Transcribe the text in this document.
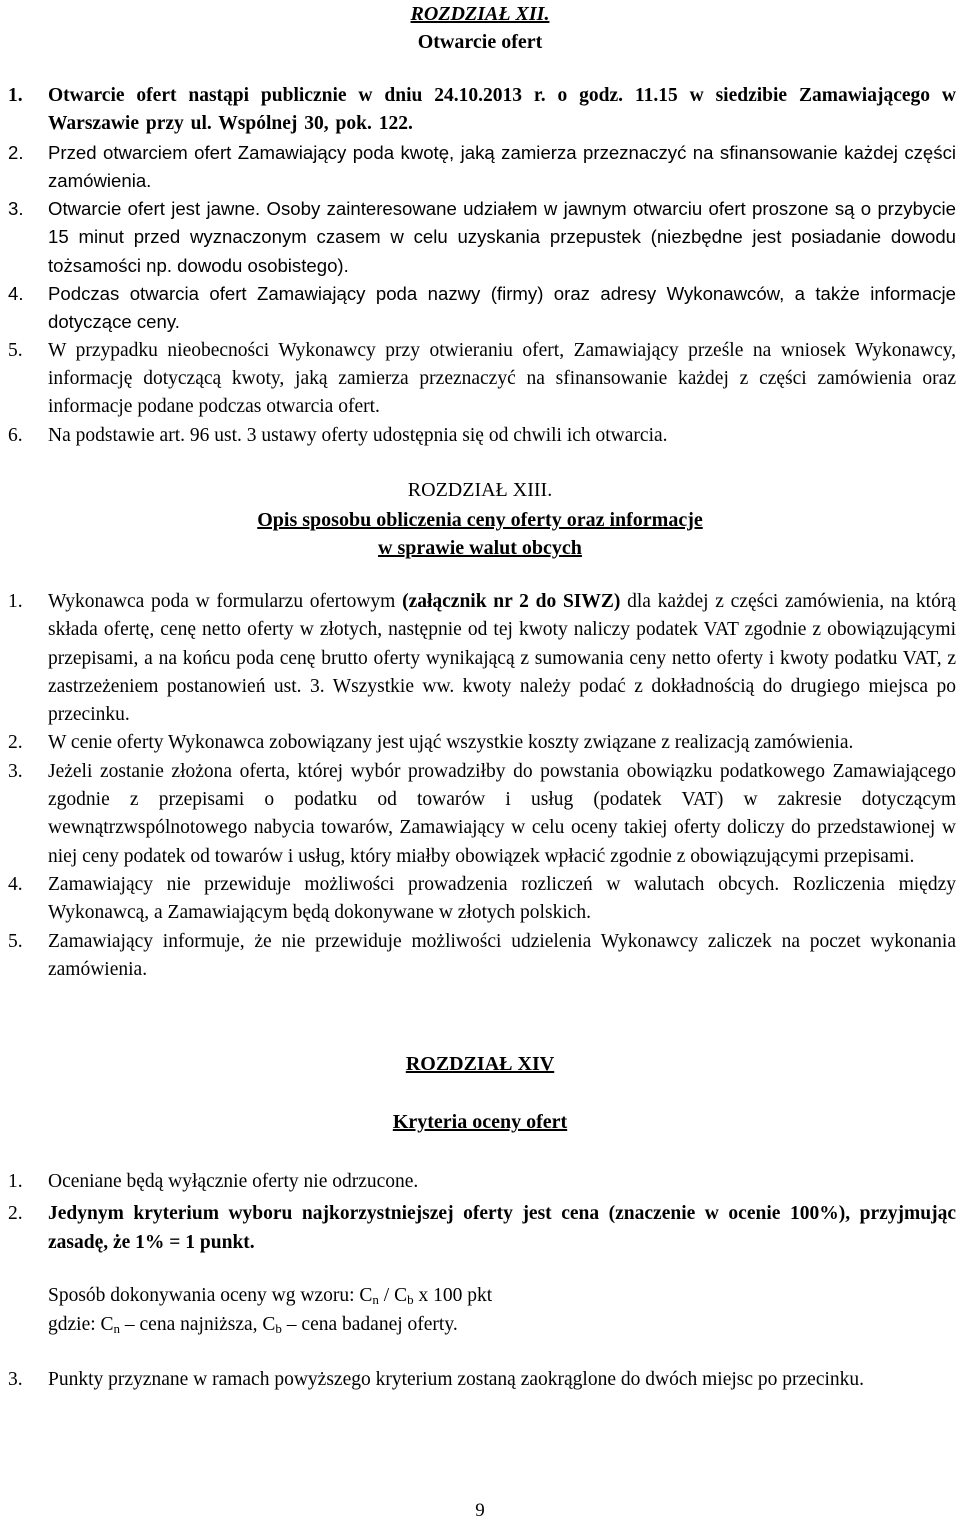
ROZDZIAŁ XII.
Otwarcie ofert
1. Otwarcie ofert nastąpi publicznie w dniu 24.10.2013 r. o godz. 11.15 w siedzibie Zamawiającego w Warszawie przy ul. Wspólnej 30, pok. 122.
2. Przed otwarciem ofert Zamawiający poda kwotę, jaką zamierza przeznaczyć na sfinansowanie każdej części zamówienia.
3. Otwarcie ofert jest jawne. Osoby zainteresowane udziałem w jawnym otwarciu ofert proszone są o przybycie 15 minut przed wyznaczonym czasem w celu uzyskania przepustek (niezbędne jest posiadanie dowodu tożsamości np. dowodu osobistego).
4. Podczas otwarcia ofert Zamawiający poda nazwy (firmy) oraz adresy Wykonawców, a także informacje dotyczące ceny.
5. W przypadku nieobecności Wykonawcy przy otwieraniu ofert, Zamawiający prześle na wniosek Wykonawcy, informację dotyczącą kwoty, jaką zamierza przeznaczyć na sfinansowanie każdej z części zamówienia oraz informacje podane podczas otwarcia ofert.
6. Na podstawie art. 96 ust. 3 ustawy oferty udostępnia się od chwili ich otwarcia.
ROZDZIAŁ XIII.
Opis sposobu obliczenia ceny oferty oraz informacje
w sprawie walut obcych
1. Wykonawca poda w formularzu ofertowym (załącznik nr 2 do SIWZ) dla każdej z części zamówienia, na którą składa ofertę, cenę netto oferty w złotych, następnie od tej kwoty naliczy podatek VAT zgodnie z obowiązującymi przepisami, a na końcu poda cenę brutto oferty wynikającą z sumowania ceny netto oferty i kwoty podatku VAT, z zastrzeżeniem postanowień ust. 3. Wszystkie ww. kwoty należy podać z dokładnością do drugiego miejsca po przecinku.
2. W cenie oferty Wykonawca zobowiązany jest ująć wszystkie koszty związane z realizacją zamówienia.
3. Jeżeli zostanie złożona oferta, której wybór prowadziłby do powstania obowiązku podatkowego Zamawiającego zgodnie z przepisami o podatku od towarów i usług (podatek VAT) w zakresie dotyczącym wewnątrzwspólnotowego nabycia towarów, Zamawiający w celu oceny takiej oferty doliczy do przedstawionej w niej ceny podatek od towarów i usług, który miałby obowiązek wpłacić zgodnie z obowiązującymi przepisami.
4. Zamawiający nie przewiduje możliwości prowadzenia rozliczeń w walutach obcych. Rozliczenia między Wykonawcą, a Zamawiającym będą dokonywane w złotych polskich.
5. Zamawiający informuje, że nie przewiduje możliwości udzielenia Wykonawcy zaliczek na poczet wykonania zamówienia.
ROZDZIAŁ XIV
Kryteria oceny ofert
1. Oceniane będą wyłącznie oferty nie odrzucone.
2. Jedynym kryterium wyboru najkorzystniejszej oferty jest cena (znaczenie w ocenie 100%), przyjmując zasadę, że 1% = 1 punkt.
Sposób dokonywania oceny wg wzoru: $C_n / C_b$ x 100 pkt
gdzie: $C_n$ – cena najniższa, $C_b$ – cena badanej oferty.
3. Punkty przyznane w ramach powyższego kryterium zostaną zaokrąglone do dwóch miejsc po przecinku.
9
